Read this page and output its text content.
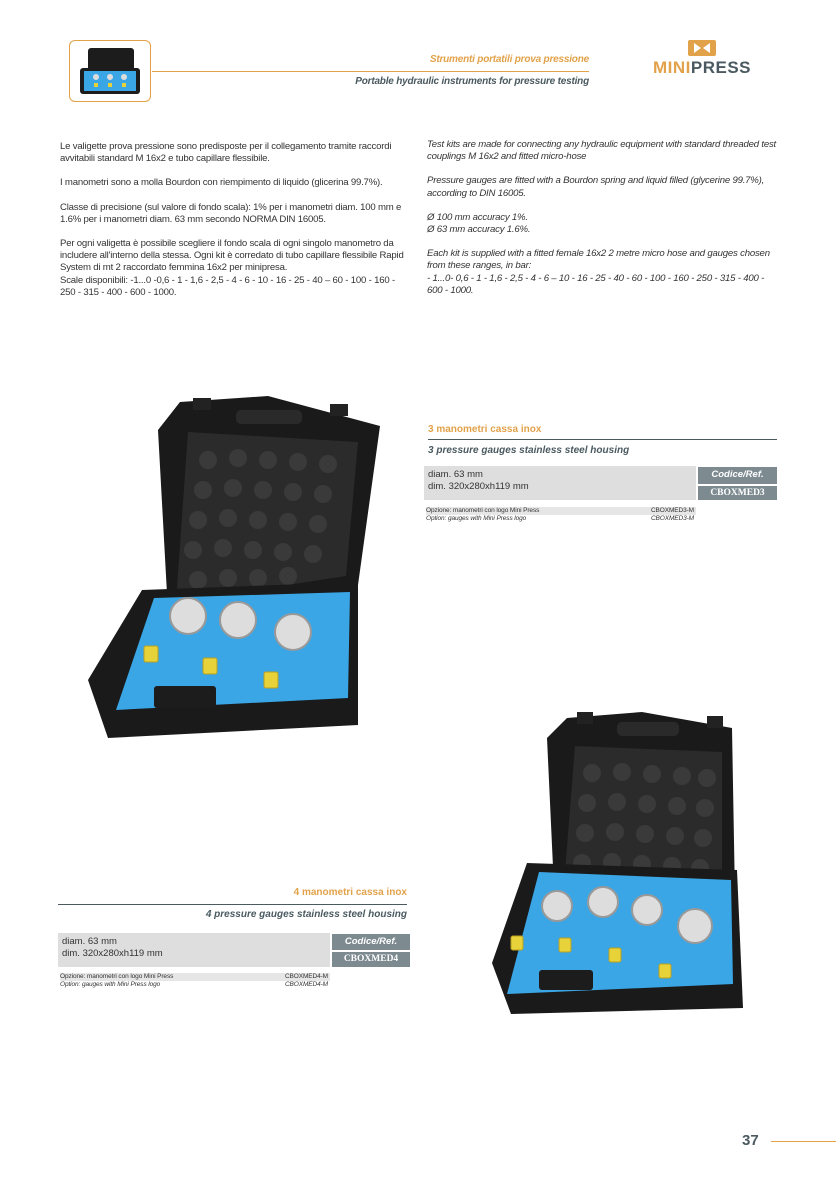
Strumenti portatili prova pressione
Portable hydraulic instruments for pressure testing
MINIPRESS

Le valigette prova pressione sono predisposte per il collegamento tramite raccordi avvitabili standard M 16x2 e tubo capillare flessibile.

I manometri sono a molla Bourdon con riempimento di liquido (glicerina 99.7%).

Classe di precisione (sul valore di fondo scala): 1% per i manometri diam. 100 mm e 1.6% per i manometri diam. 63 mm secondo NORMA DIN 16005.

Per ogni valigetta è possibile scegliere il fondo scala di ogni singolo manometro da includere all'interno della stessa. Ogni kit è corredato di tubo capillare flessibile Rapid System di mt 2 raccordato femmina 16x2 per minipresa.

Scale disponibili: -1...0 -0,6 - 1 - 1,6 - 2,5 - 4 - 6 - 10 - 16 - 25 - 40 – 60 - 100 - 160 - 250 - 315 - 400 - 600 - 1000.

Test kits are made for connecting any hydraulic equipment with standard threaded test couplings M 16x2 and fitted micro-hose

Pressure gauges are fitted with a Bourdon spring and liquid filled (glycerine 99.7%), according to DIN 16005.

Ø 100 mm accuracy 1%.

Ø 63 mm accuracy 1.6%.

Each kit is supplied with a fitted female 16x2 2 metre micro hose and gauges chosen from these ranges, in bar:

- 1...0- 0,6 - 1 - 1,6 - 2,5 - 4 - 6 – 10 - 16 - 25 - 40 - 60 - 100 - 160 - 250 - 315 - 400 - 600 - 1000.

3 manometri cassa inox
3 pressure gauges stainless steel housing
diam. 63 mm
dim. 320x280xh119 mm
Codice/Ref.
CBOXMED3
Opzione: manometri con logo Mini Press	CBOXMED3-M
Option: gauges with Mini Press logo	CBOXMED3-M
4 manometri cassa inox
4 pressure gauges stainless steel housing
diam. 63 mm
dim. 320x280xh119 mm
Codice/Ref.
CBOXMED4
Opzione: manometri con logo Mini Press	CBOXMED4-M
Option: gauges with Mini Press logo	CBOXMED4-M
37
